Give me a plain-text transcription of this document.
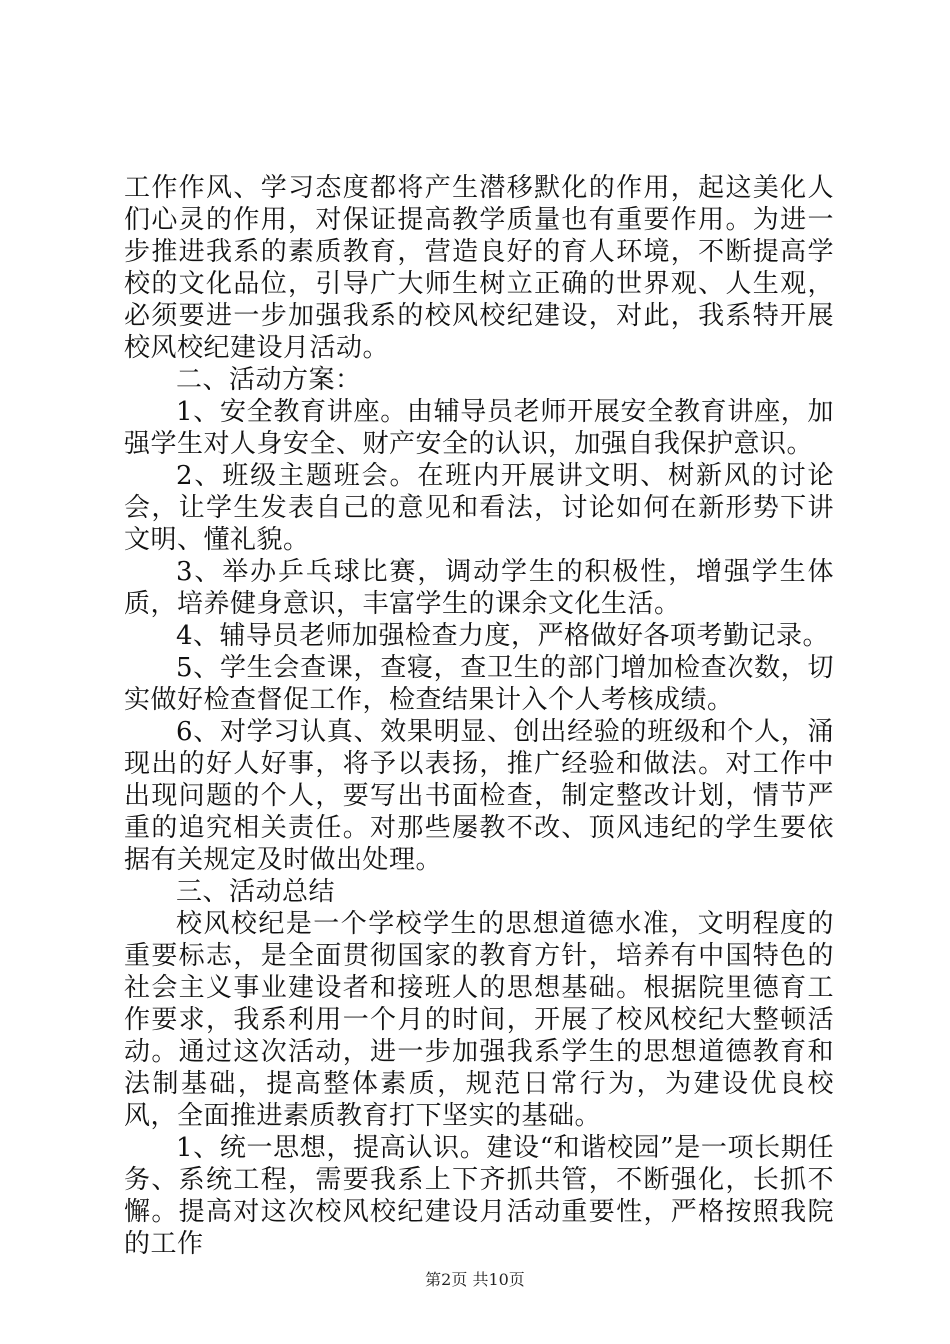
工作作风、学习态度都将产生潜移默化的作用，起这美化人们心灵的作用，对保证提高教学质量也有重要作用。为进一步推进我系的素质教育，营造良好的育人环境，不断提高学校的文化品位，引导广大师生树立正确的世界观、人生观，必须要进一步加强我系的校风校纪建设，对此，我系特开展校风校纪建设月活动。

二、活动方案：

1、安全教育讲座。由辅导员老师开展安全教育讲座，加强学生对人身安全、财产安全的认识，加强自我保护意识。

2、班级主题班会。在班内开展讲文明、树新风的讨论会，让学生发表自己的意见和看法，讨论如何在新形势下讲文明、懂礼貌。

3、举办乒乓球比赛，调动学生的积极性，增强学生体质，培养健身意识，丰富学生的课余文化生活。

4、辅导员老师加强检查力度，严格做好各项考勤记录。

5、学生会查课，查寝，查卫生的部门增加检查次数，切实做好检查督促工作，检查结果计入个人考核成绩。

6、对学习认真、效果明显、创出经验的班级和个人，涌现出的好人好事，将予以表扬，推广经验和做法。对工作中出现问题的个人，要写出书面检查，制定整改计划，情节严重的追究相关责任。对那些屡教不改、顶风违纪的学生要依据有关规定及时做出处理。

三、活动总结

校风校纪是一个学校学生的思想道德水准，文明程度的重要标志，是全面贯彻国家的教育方针，培养有中国特色的社会主义事业建设者和接班人的思想基础。根据院里德育工作要求，我系利用一个月的时间，开展了校风校纪大整顿活动。通过这次活动，进一步加强我系学生的思想道德教育和法制基础，提高整体素质，规范日常行为，为建设优良校风，全面推进素质教育打下坚实的基础。

1、统一思想，提高认识。建设“和谐校园”是一项长期任务、系统工程，需要我系上下齐抓共管，不断强化，长抓不懈。提高对这次校风校纪建设月活动重要性，严格按照我院的工作

第2页 共10页
